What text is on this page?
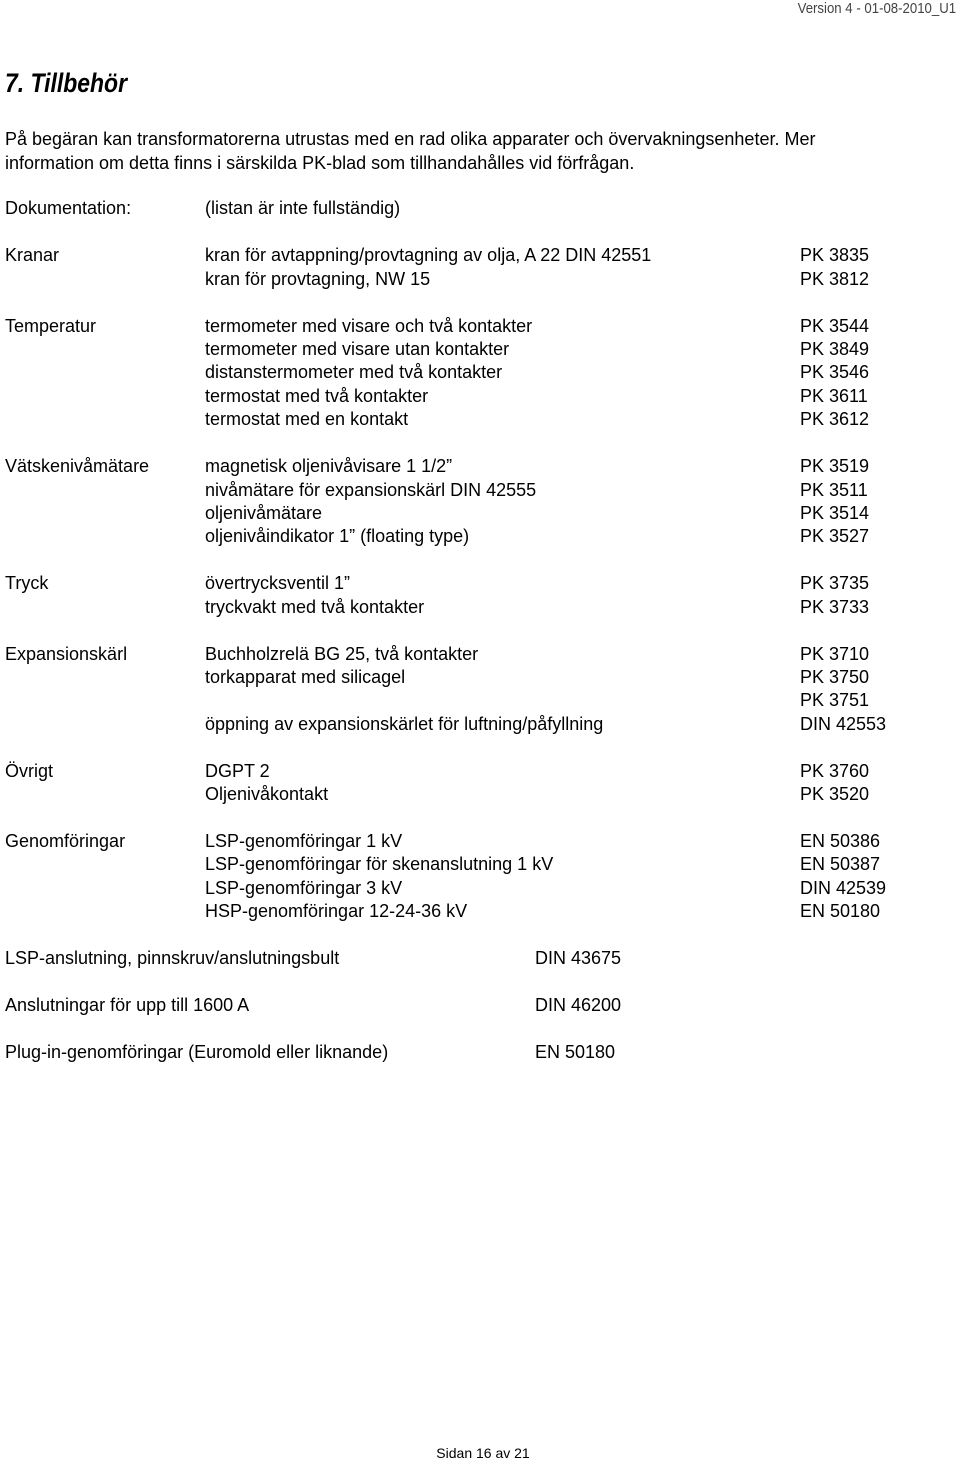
Version 4 - 01-08-2010_U1
7. Tillbehör
På begäran kan transformatorerna utrustas med en rad olika apparater och övervakningsenheter. Mer
information om detta finns i särskilda PK-blad som tillhandahålles vid förfrågan.
Dokumentation:	(listan är inte fullständig)
Kranar	kran för avtappning/provtagning av olja, A 22 DIN 42551	PK 3835
kran för provtagning, NW 15	PK 3812
Temperatur	termometer med visare och två kontakter	PK 3544
termometer med visare utan kontakter	PK 3849
distanstermometer med två kontakter	PK 3546
termostat med två kontakter	PK 3611
termostat med en kontakt	PK 3612
Vätskenivåmätare	magnetisk oljenivåvisare 1 1/2”	PK 3519
nivåmätare för expansionskärl DIN 42555	PK 3511
oljenivåmätare	PK 3514
oljenivåindikator 1” (floating type)	PK 3527
Tryck	övertrycksventil 1”	PK 3735
tryckvakt med två kontakter	PK 3733
Expansionskärl	Buchholzrelä BG 25, två kontakter	PK 3710
torkapparat med silicagel	PK 3750
PK 3751
öppning av expansionskärlet för luftning/påfyllning	DIN 42553
Övrigt	DGPT 2	PK 3760
Oljenivåkontakt	PK 3520
Genomföringar	LSP-genomföringar 1 kV	EN 50386
LSP-genomföringar för skenanslutning 1 kV	EN 50387
LSP-genomföringar 3 kV	DIN 42539
HSP-genomföringar 12-24-36 kV	EN 50180
LSP-anslutning, pinnskruv/anslutningsbult	DIN 43675
Anslutningar för upp till 1600 A	DIN 46200
Plug-in-genomföringar (Euromold eller liknande)	EN 50180
Sidan 16 av 21
